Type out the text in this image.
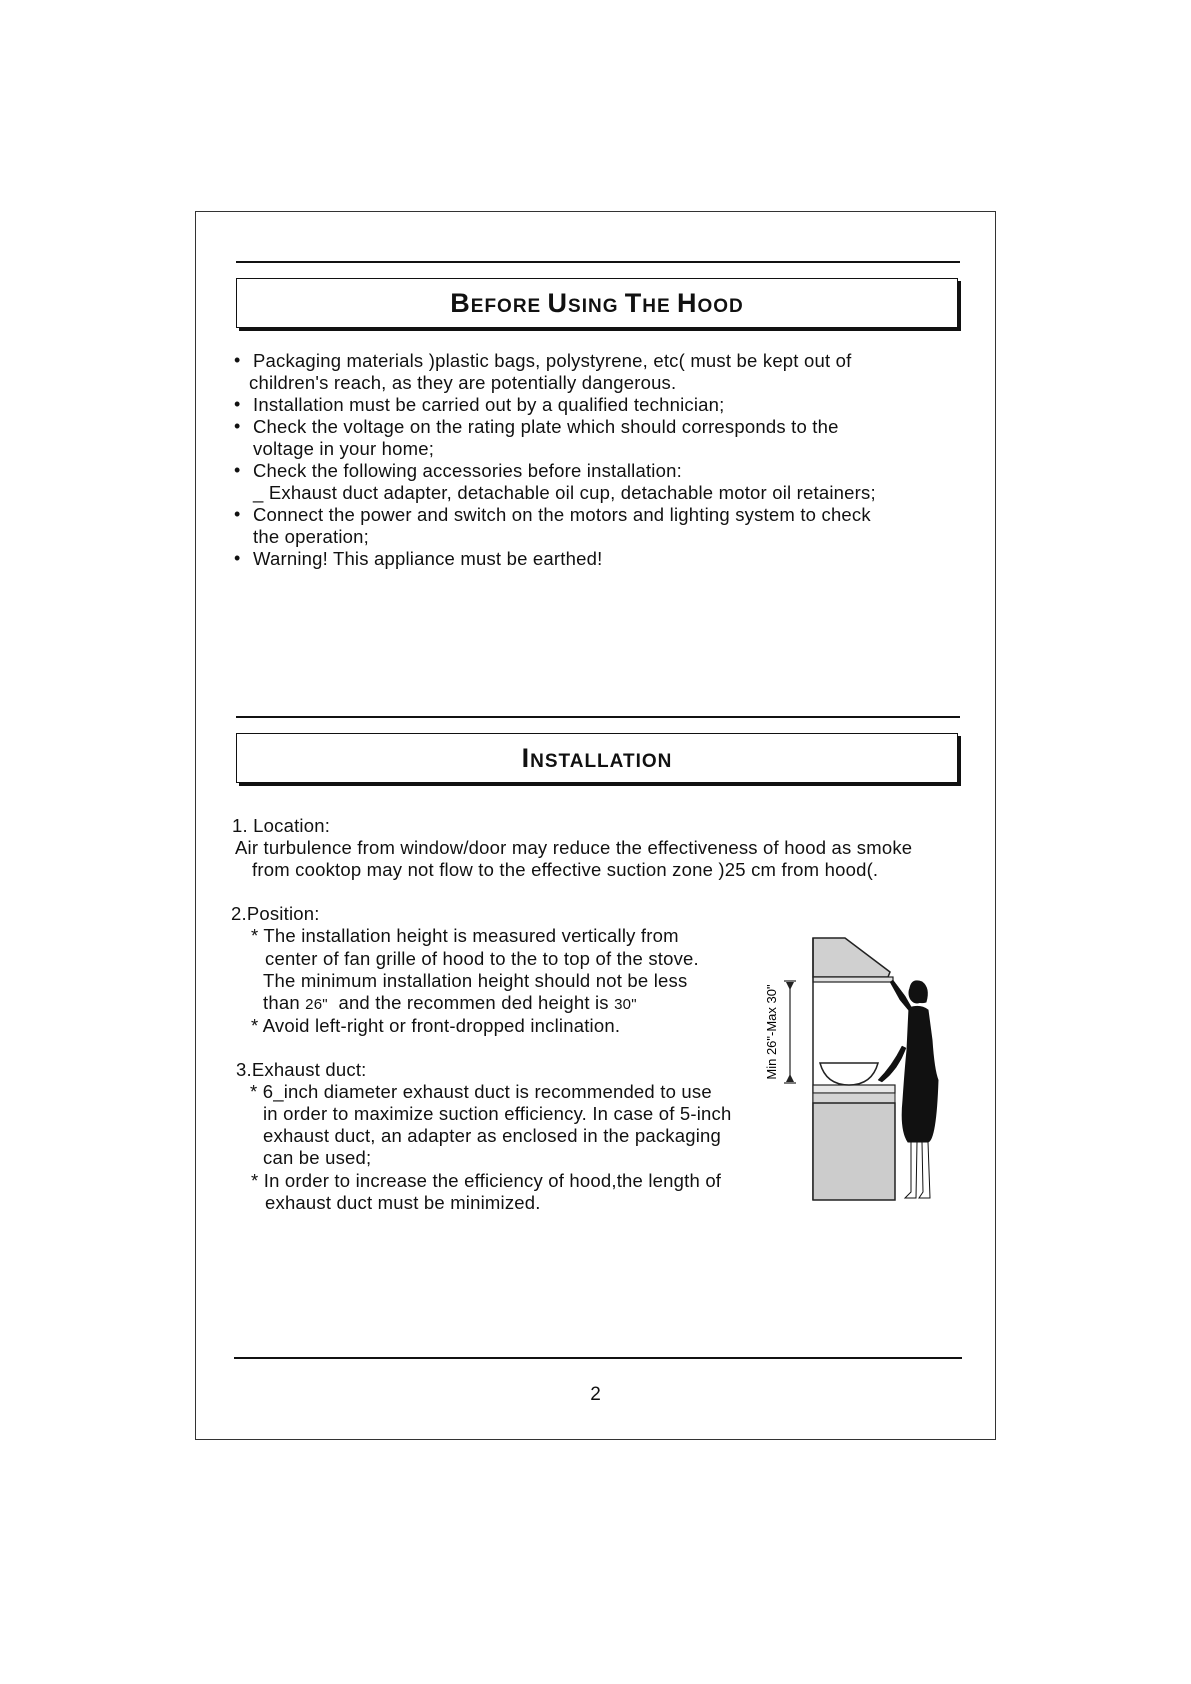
BEFORE USING THE HOOD
• Packaging materials )plastic bags, polystyrene, etc( must be kept out of
children's reach, as they are potentially dangerous.
• Installation must be carried out by a qualified technician;
• Check the voltage on the rating plate which should corresponds to the
voltage in your home;
• Check the following accessories before installation:
_ Exhaust duct adapter, detachable oil cup, detachable motor oil retainers;
• Connect the power and switch on the motors and lighting system to check
the operation;
• Warning! This appliance must be earthed!
INSTALLATION
1. Location:
Air turbulence from window/door may reduce the effectiveness of hood as smoke
from cooktop may not flow to the effective suction zone )25 cm from hood(.
2.Position:
* The installation height is measured vertically from
center of fan grille of hood to the to top of the stove.
The minimum installation height should not be less
than 26" and the recommen ded height is 30"
* Avoid left-right or front-dropped inclination.
3.Exhaust duct:
* 6_inch diameter exhaust duct is recommended to use
in order to maximize suction efficiency. In case of 5-inch
exhaust duct, an adapter as enclosed in the packaging
can be used;
* In order to increase the efficiency of hood,the length of
exhaust duct must be minimized.
Min 26"-Max 30"
2
